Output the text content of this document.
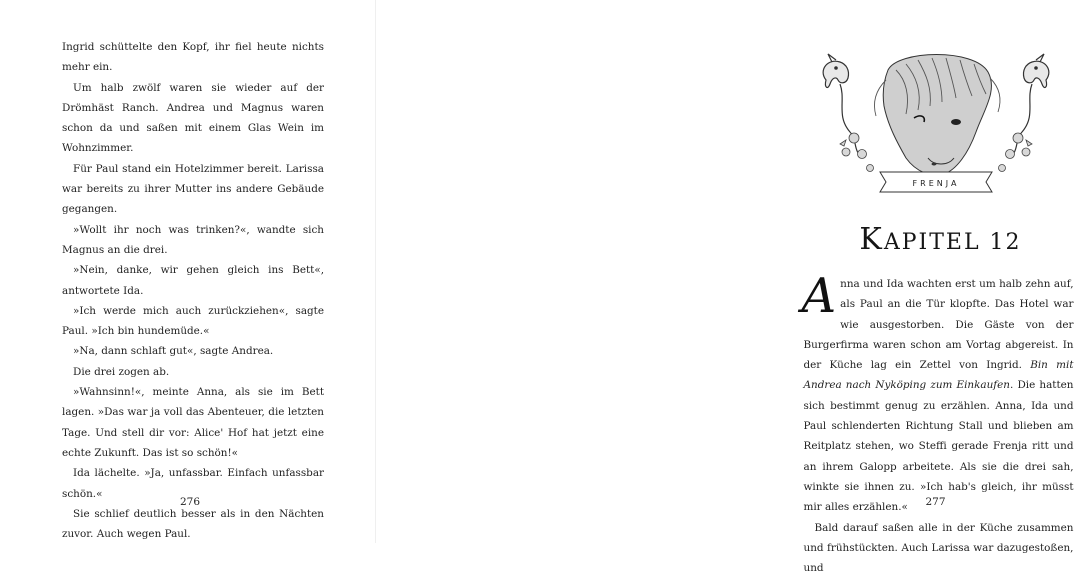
Ingrid schüttelte den Kopf, ihr fiel heute nichts mehr ein.

Um halb zwölf waren sie wieder auf der Drömhäst Ranch. Andrea und Magnus waren schon da und saßen mit einem Glas Wein im Wohnzimmer.

Für Paul stand ein Hotelzimmer bereit. Larissa war bereits zu ihrer Mutter ins andere Gebäude gegangen.

»Wollt ihr noch was trinken?«, wandte sich Magnus an die drei.

»Nein, danke, wir gehen gleich ins Bett«, antwortete Ida.

»Ich werde mich auch zurückziehen«, sagte Paul. »Ich bin hundemüde.«

»Na, dann schlaft gut«, sagte Andrea.

Die drei zogen ab.

»Wahnsinn!«, meinte Anna, als sie im Bett lagen. »Das war ja voll das Abenteuer, die letzten Tage. Und stell dir vor: Alice' Hof hat jetzt eine echte Zukunft. Das ist so schön!«

Ida lächelte. »Ja, unfassbar. Einfach unfassbar schön.«

Sie schlief deutlich besser als in den Nächten zuvor. Auch wegen Paul.

276
FRENJA
KAPITEL 12

Anna und Ida wachten erst um halb zehn auf, als Paul an die Tür klopfte. Das Hotel war wie ausgestorben. Die Gäste von der Burgerfirma waren schon am Vortag abgereist. In der Küche lag ein Zettel von Ingrid. Bin mit Andrea nach Nyköping zum Einkaufen. Die hatten sich bestimmt genug zu erzählen. Anna, Ida und Paul schlenderten Richtung Stall und blieben am Reitplatz stehen, wo Steffi gerade Frenja ritt und an ihrem Galopp arbeitete. Als sie die drei sah, winkte sie ihnen zu. »Ich hab's gleich, ihr müsst mir alles erzählen.«

Bald darauf saßen alle in der Küche zusammen und frühstückten. Auch Larissa war dazugestoßen, und

277
